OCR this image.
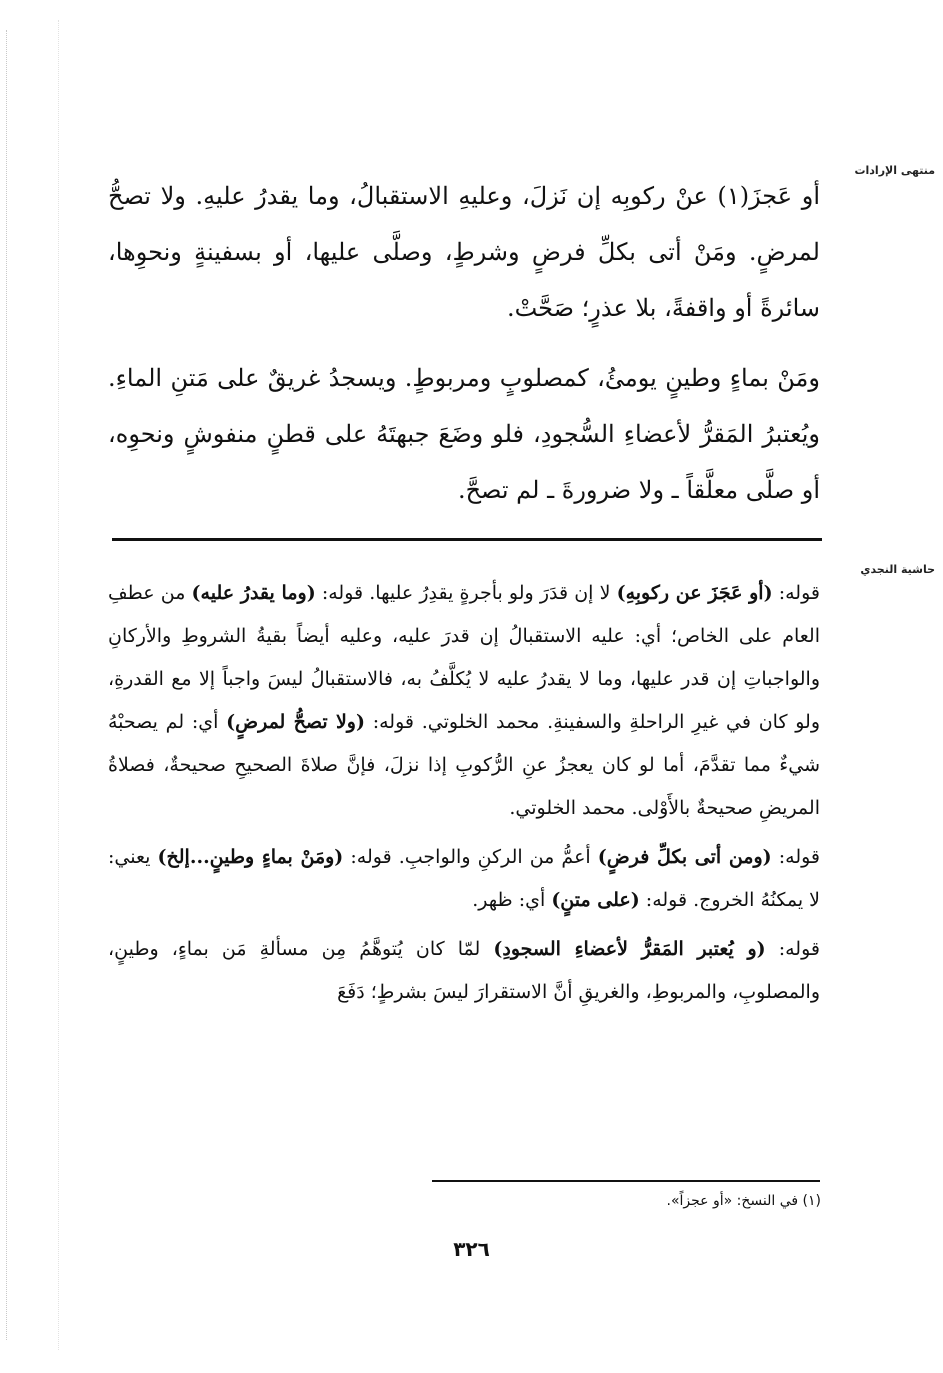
منتهى الإرادات
حاشية النجدي

أو عَجزَ(١) عنْ ركوبِه إن نَزلَ، وعليهِ الاستقبالُ، وما يقدرُ عليهِ. ولا تصحُّ لمرضٍ. ومَنْ أتى بكلِّ فرضٍ وشرطٍ، وصلَّى عليها، أو بسفينةٍ ونحوِها، سائرةً أو واقفةً، بلا عذرٍ؛ صَحَّتْ.

ومَنْ بماءٍ وطينٍ يومئُ، كمصلوبٍ ومربوطٍ. ويسجدُ غريقٌ على مَتنِ الماءِ. ويُعتبرُ المَقرُّ لأعضاءِ السُّجودِ، فلو وضَعَ جبهتَهُ على قطنٍ منفوشٍ ونحوِه، أو صلَّى معلَّقاً ـ ولا ضرورةَ ـ لم تصحَّ.

قوله: (أو عَجَزَ عن ركوبِهِ) لا إن قدَرَ ولو بأجرةٍ يقدِرُ عليها. قوله: (وما يقدرُ عليه) من عطفِ العام على الخاص؛ أي: عليه الاستقبالُ إن قدرَ عليه، وعليه أيضاً بقيةُ الشروطِ والأركانِ والواجباتِ إن قدر عليها، وما لا يقدرُ عليه لا يُكلَّفُ به، فالاستقبالُ ليسَ واجباً إلا مع القدرةِ، ولو كان في غيرِ الراحلةِ والسفينةِ. محمد الخلوتي. قوله: (ولا تصحُّ لمرضٍ) أي: لم يصحبْهُ شيءٌ مما تقدَّمَ، أما لو كان يعجزُ عنِ الرُّكوبِ إذا نزلَ، فإنَّ صلاةَ الصحيحِ صحيحةٌ، فصلاةُ المريضِ صحيحةٌ بالأَوْلى. محمد الخلوتي.

قوله: (ومن أتى بكلِّ فرضٍ) أعمُّ من الركنِ والواجبِ. قوله: (ومَنْ بماءٍ وطينٍ...إلخ) يعني: لا يمكنُهُ الخروج. قوله: (على متنٍ) أي: ظهر.

قوله: (و يُعتبر المَقرُّ لأعضاءِ السجودِ) لمّا كان يُتوهَّمُ مِن مسألةِ مَن بماءٍ، وطينٍ، والمصلوبِ، والمربوطِ، والغريقِ أنَّ الاستقرارَ ليسَ بشرطٍ؛ دَفَعَ

(١) في النسخ: «أو عجزاً».
٣٢٦
